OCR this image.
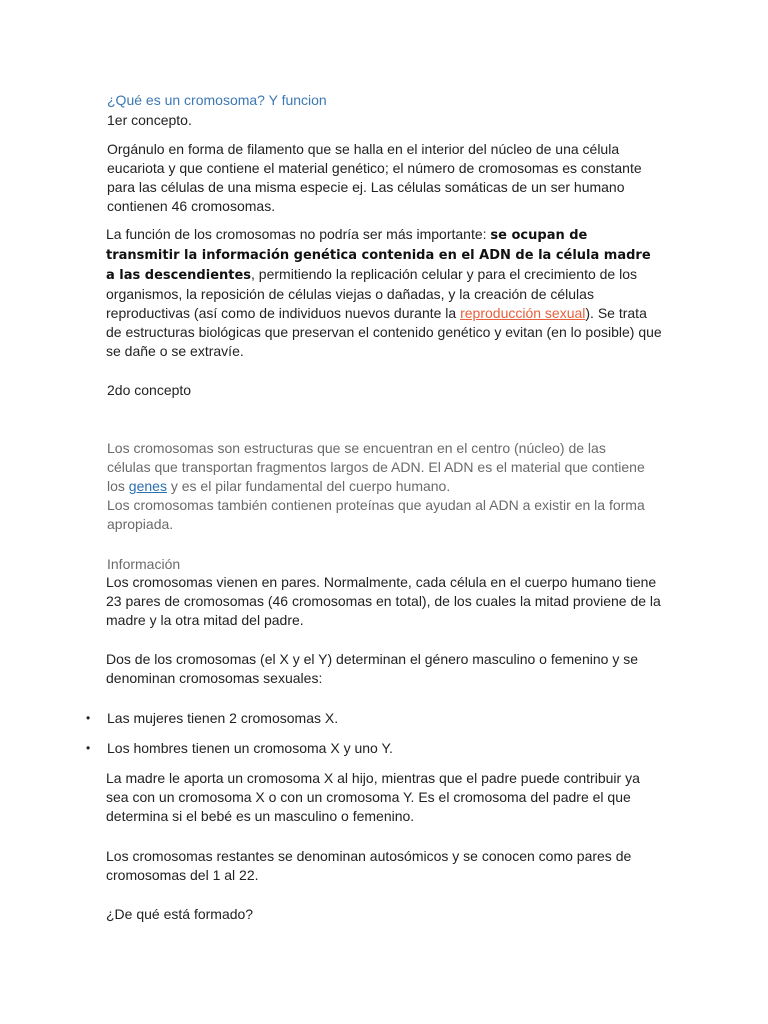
¿Qué es un cromosoma? Y funcion

1er concepto.

Orgánulo en forma de filamento que se halla en el interior del núcleo de una célula eucariota y que contiene el material genético; el número de cromosomas es constante para las células de una misma especie ej. Las células somáticas de un ser humano contienen 46 cromosomas.

La función de los cromosomas no podría ser más importante: se ocupan de transmitir la información genética contenida en el ADN de la célula madre a las descendientes, permitiendo la replicación celular y para el crecimiento de los organismos, la reposición de células viejas o dañadas, y la creación de células reproductivas (así como de individuos nuevos durante la reproducción sexual). Se trata de estructuras biológicas que preservan el contenido genético y evitan (en lo posible) que se dañe o se extravíe.

2do concepto

Los cromosomas son estructuras que se encuentran en el centro (núcleo) de las células que transportan fragmentos largos de ADN. El ADN es el material que contiene los genes y es el pilar fundamental del cuerpo humano.
Los cromosomas también contienen proteínas que ayudan al ADN a existir en la forma apropiada.

Información

Los cromosomas vienen en pares. Normalmente, cada célula en el cuerpo humano tiene 23 pares de cromosomas (46 cromosomas en total), de los cuales la mitad proviene de la madre y la otra mitad del padre.

Dos de los cromosomas (el X y el Y) determinan el género masculino o femenino y se denominan cromosomas sexuales:

• Las mujeres tienen 2 cromosomas X.

• Los hombres tienen un cromosoma X y uno Y.

La madre le aporta un cromosoma X al hijo, mientras que el padre puede contribuir ya sea con un cromosoma X o con un cromosoma Y. Es el cromosoma del padre el que determina si el bebé es un masculino o femenino.

Los cromosomas restantes se denominan autosómicos y se conocen como pares de cromosomas del 1 al 22.

¿De qué está formado?
